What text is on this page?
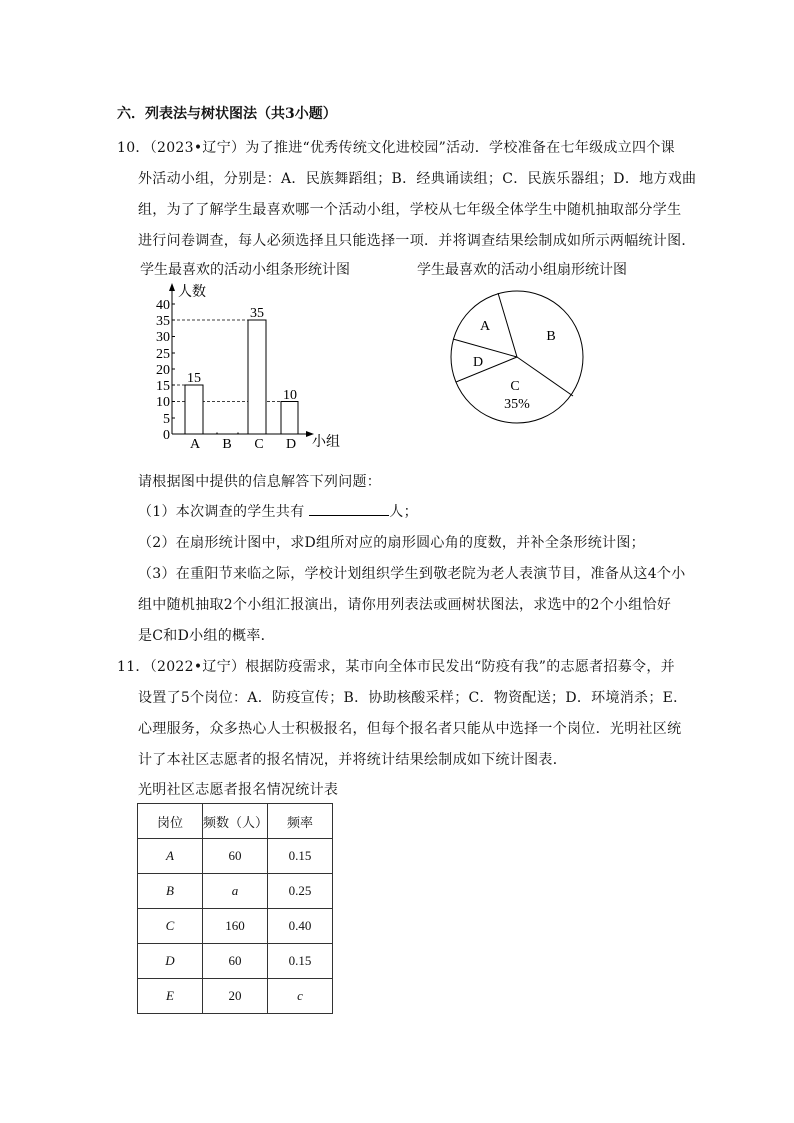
六．列表法与树状图法（共3小题）
10．（2023•辽宁）为了推进“优秀传统文化进校园”活动．学校准备在七年级成立四个课
外活动小组，分别是：A．民族舞蹈组；B．经典诵读组；C．民族乐器组；D．地方戏曲
组，为了了解学生最喜欢哪一个活动小组，学校从七年级全体学生中随机抽取部分学生
进行问卷调查，每人必须选择且只能选择一项．并将调查结果绘制成如所示两幅统计图．
学生最喜欢的活动小组条形统计图	学生最喜欢的活动小组扇形统计图
0
5
10
15
20
25
30
35
40
人数
小组
15
35
10
A B C D
A
B
D
C
35%
请根据图中提供的信息解答下列问题：
（1）本次调查的学生共有	人；
（2）在扇形统计图中，求D组所对应的扇形圆心角的度数，并补全条形统计图；
（3）在重阳节来临之际，学校计划组织学生到敬老院为老人表演节目，准备从这4个小
组中随机抽取2个小组汇报演出，请你用列表法或画树状图法，求选中的2个小组恰好
是C和D小组的概率．
11．（2022•辽宁）根据防疫需求，某市向全体市民发出“防疫有我”的志愿者招募令，并
设置了5个岗位：A．防疫宣传；B．协助核酸采样；C．物资配送；D．环境消杀；E．
心理服务，众多热心人士积极报名，但每个报名者只能从中选择一个岗位．光明社区统
计了本社区志愿者的报名情况，并将统计结果绘制成如下统计图表．
光明社区志愿者报名情况统计表
岗位	频数（人）	频率
A	60	0.15
B	a	0.25
C	160	0.40
D	60	0.15
E	20	c
